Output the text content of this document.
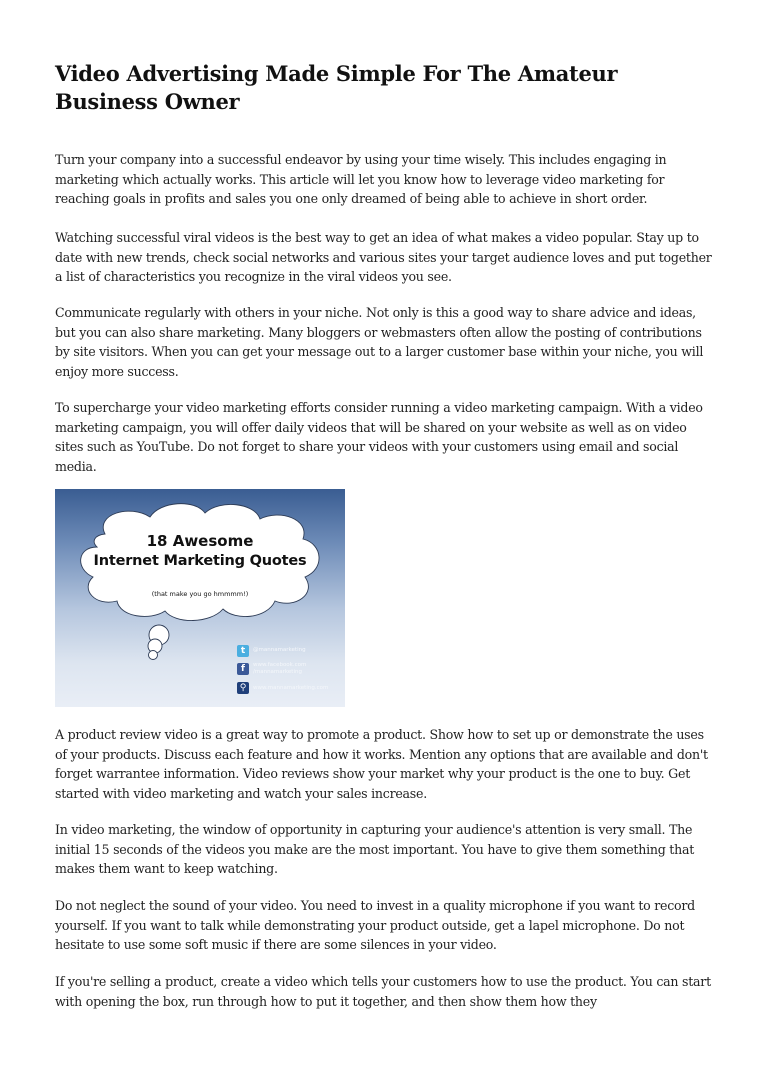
Video Advertising Made Simple For The Amateur Business Owner

Turn your company into a successful endeavor by using your time wisely. This includes engaging in marketing which actually works. This article will let you know how to leverage video marketing for reaching goals in profits and sales you one only dreamed of being able to achieve in short order.

Watching successful viral videos is the best way to get an idea of what makes a video popular. Stay up to date with new trends, check social networks and various sites your target audience loves and put together a list of characteristics you recognize in the viral videos you see.

Communicate regularly with others in your niche. Not only is this a good way to share advice and ideas, but you can also share marketing. Many bloggers or webmasters often allow the posting of contributions by site visitors. When you can get your message out to a larger customer base within your niche, you will enjoy more success.

To supercharge your video marketing efforts consider running a video marketing campaign. With a video marketing campaign, you will offer daily videos that will be shared on your website as well as on video sites such as YouTube. Do not forget to share your videos with your customers using email and social media.

18 Awesome
Internet Marketing Quotes
(that make you go hmmmm!)
t	@mannamarketing
f	www.facebook.com /mannamarketing
⚲	www.mannamarketing.com

A product review video is a great way to promote a product. Show how to set up or demonstrate the uses of your products. Discuss each feature and how it works. Mention any options that are available and don't forget warrantee information. Video reviews show your market why your product is the one to buy. Get started with video marketing and watch your sales increase.

In video marketing, the window of opportunity in capturing your audience's attention is very small. The initial 15 seconds of the videos you make are the most important. You have to give them something that makes them want to keep watching.

Do not neglect the sound of your video. You need to invest in a quality microphone if you want to record yourself. If you want to talk while demonstrating your product outside, get a lapel microphone. Do not hesitate to use some soft music if there are some silences in your video.

If you're selling a product, create a video which tells your customers how to use the product. You can start with opening the box, run through how to put it together, and then show them how they
